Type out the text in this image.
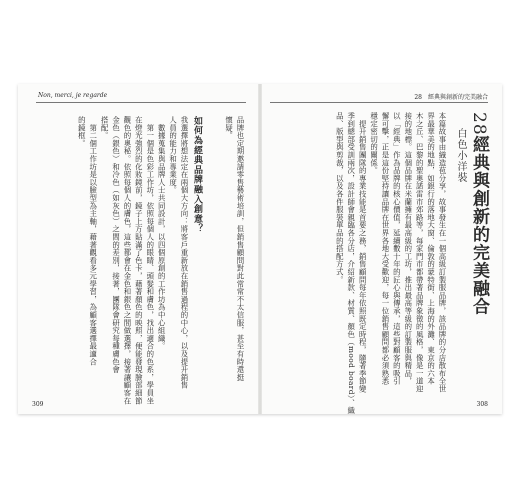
Non, merci, je regarde
品牌也定期邀請零售藝術培訓，但銷售顧問對此常常不太信服，甚至有時還挺
懷疑。
如何為經典品牌融入創意？
我選擇將想法定在兩個大方向：將客戶重新放在銷售過程的中心，以及提升銷售
人員的能力和專業度。
　數據蒐集與品牌人士共同設計，以四個原創的工作坊為中心組織。
　第一個是色彩工作坊，依照每個人的眼睛、頭髮和膚色，找出適合的色系，學員坐
在燈光強烈的化妝鏡前，鏡子上方貼滿了色卡，藉著顏色的映照，便能發現臉部細節
觀色的奧秘。依照每個人的膚色，這些都會在金色和銀色之間做選擇，接著讓顧客在
金色（銀色）和冷色（如灰色）之間的差別，接著，團隊會研究每種膚色會
搭配。
　第二個工作坊是以臉型為主軸，藉著觀看多元學習，為顧客選擇最適合
的鏡框。
309
28　經典與創新的完美融合
28經典與創新的完美融合
白色小洋裝
本篇故事由織造苞分享，故事發生在一個高級訂製服品牌，該品牌的分店散布全世
界最華美的地點，如銀行的落地大窗、倫敦的蒙特街、上海的外灘、東京的六本
木之丘、巴黎的聖奧諾雷市郊路等，每家門市都帶著品牌象徵的風格，像是一道迎
接的地標。這個品牌在米蘭擁有最高級的工坊，推出最高等級的訂製服與精品，
以「經典」作為品牌的核心價值，延續數十年的匠心與傳承，這些對顧客的吸引
懈可擊，正是這份堅持讓品牌在世界各地大受歡迎，每一位銷售顧問都必須熟悉
穩定密切的關係。
　提升銷售團隊的專業技能是首要之務，銷售顧問每年依照既定時程，隨著季節變
季到總部受訓兩次，設計師會親臨各分店，介紹新款、材質、顏色（mood board）、織
品、版型與剪裁，以及各件服裝單品的搭配方式。
308
